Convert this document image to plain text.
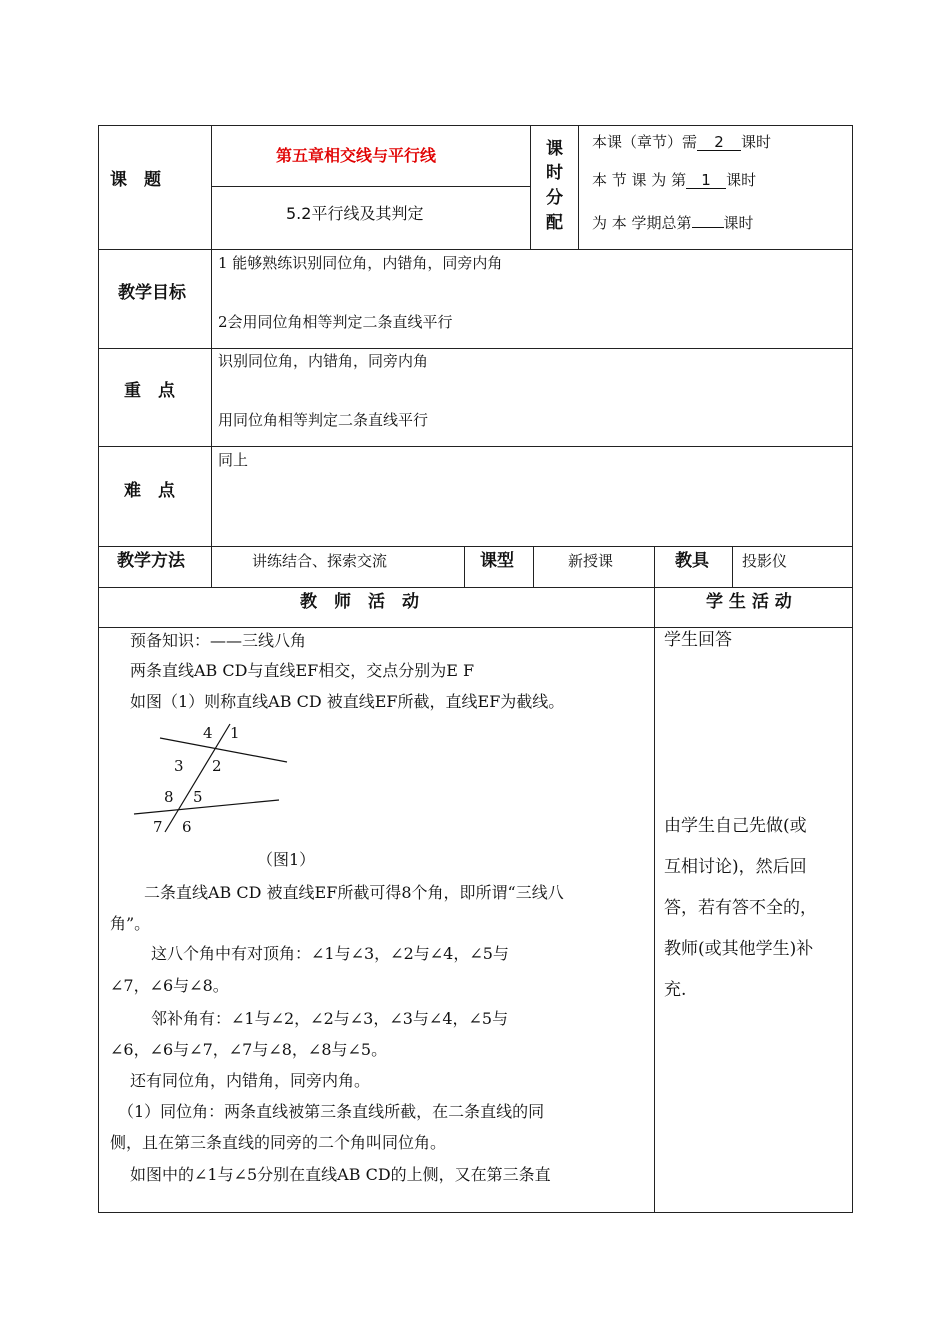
课　题
第五章相交线与平行线
5.2平行线及其判定
课
时
分
配
本课（章节）需 2 课时
本 节 课 为 第 1 课时
为 本 学期总第 课时
教学目标
1 能够熟练识别同位角，内错角，同旁内角
2会用同位角相等判定二条直线平行
重　点
识别同位角，内错角，同旁内角
用同位角相等判定二条直线平行
难　点
同上
教学方法	讲练结合、探索交流	课型	新授课	教具 投影仪
教　师　活　动	学 生 活 动
预备知识：——三线八角
两条直线AB CD与直线EF相交，交点分别为E F
如图（1）则称直线AB CD 被直线EF所截，直线EF为截线。
4 1
3 2
8 5
7 6
（图1）
二条直线AB CD 被直线EF所截可得8个角，即所谓“三线八
角”。
这八个角中有对顶角：∠1与∠3，∠2与∠4，∠5与
∠7，∠6与∠8。
邻补角有：∠1与∠2，∠2与∠3，∠3与∠4，∠5与
∠6，∠6与∠7，∠7与∠8，∠8与∠5。
还有同位角，内错角，同旁内角。
（1）同位角：两条直线被第三条直线所截，在二条直线的同
侧，且在第三条直线的同旁的二个角叫同位角。
如图中的∠1与∠5分别在直线AB CD的上侧，又在第三条直
学生回答
由学生自己先做(或
互相讨论)，然后回
答，若有答不全的，
教师(或其他学生)补
充.
